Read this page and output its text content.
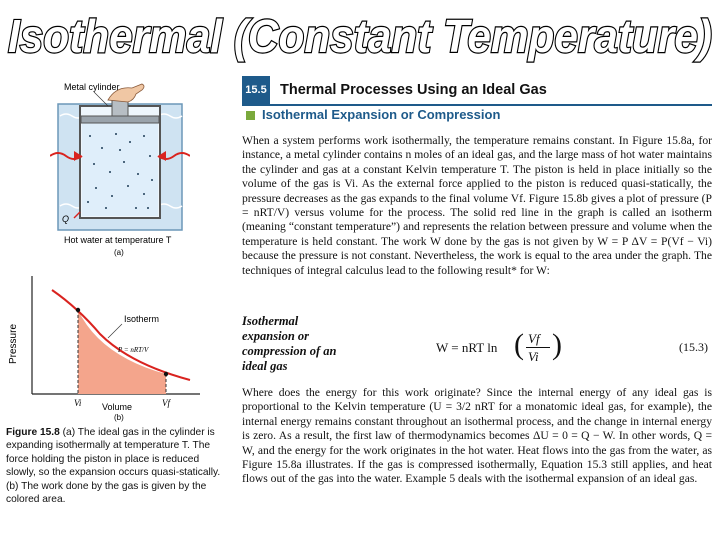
Isothermal (Constant Temperature)
Q
Metal cylinder
Hot water at temperature T
(a)
Pressure
Isotherm
P = nRT/V
Vi	Vf
Volume
(b)
Figure 15.8 (a) The ideal gas in the cylinder is expanding isothermally at temperature T. The force holding the piston in place is reduced slowly, so the expansion occurs quasi-statically. (b) The work done by the gas is given by the colored area.
15.5 Thermal Processes Using an Ideal Gas
Isothermal Expansion or Compression

When a system performs work isothermally, the temperature remains constant. In Figure 15.8a, for instance, a metal cylinder contains n moles of an ideal gas, and the large mass of hot water maintains the cylinder and gas at a constant Kelvin temperature T. The piston is held in place initially so the volume of the gas is Vi. As the external force applied to the piston is reduced quasi-statically, the pressure decreases as the gas expands to the final volume Vf. Figure 15.8b gives a plot of pressure (P = nRT/V) versus volume for the process. The solid red line in the graph is called an isotherm (meaning “constant temperature”) and represents the relation between pressure and volume when the temperature is held constant. The work W done by the gas is not given by W = P ΔV = P(Vf − Vi) because the pressure is not constant. Nevertheless, the work is equal to the area under the graph. The techniques of integral calculus lead to the following result* for W:

Isothermal expansion or compression of an ideal gas
W = nRT ln ( Vf
Vi )	(15.3)

Where does the energy for this work originate? Since the internal energy of any ideal gas is proportional to the Kelvin temperature (U = 3/2 nRT for a monatomic ideal gas, for example), the internal energy remains constant throughout an isothermal process, and the change in internal energy is zero. As a result, the first law of thermodynamics becomes ΔU = 0 = Q − W. In other words, Q = W, and the energy for the work originates in the hot water. Heat flows into the gas from the water, as Figure 15.8a illustrates. If the gas is compressed isothermally, Equation 15.3 still applies, and heat flows out of the gas into the water. Example 5 deals with the isothermal expansion of an ideal gas.
